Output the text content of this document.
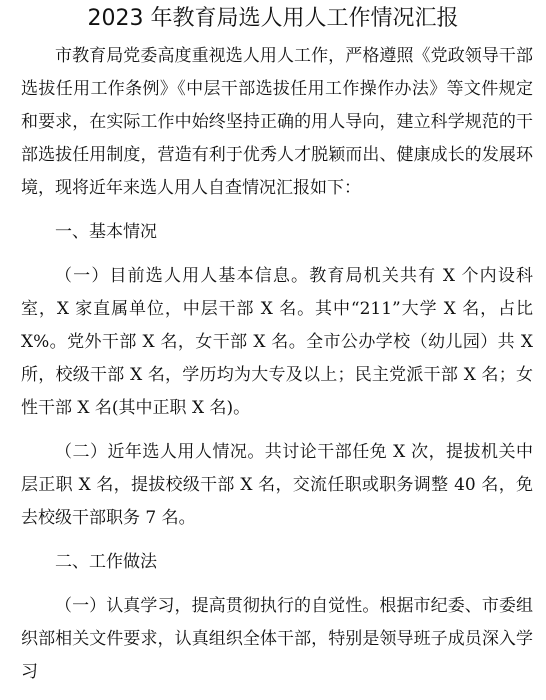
2023 年教育局选人用人工作情况汇报

市教育局党委高度重视选人用人工作，严格遵照《党政领导干部选拔任用工作条例》《中层干部选拔任用工作操作办法》等文件规定和要求，在实际工作中始终坚持正确的用人导向，建立科学规范的干部选拔任用制度，营造有利于优秀人才脱颖而出、健康成长的发展环境，现将近年来选人用人自查情况汇报如下：

一、基本情况

（一）目前选人用人基本信息。教育局机关共有 X 个内设科室，X 家直属单位，中层干部 X 名。其中“211”大学 X 名，占比 X%。党外干部 X 名，女干部 X 名。全市公办学校（幼儿园）共 X 所，校级干部 X 名，学历均为大专及以上；民主党派干部 X 名；女性干部 X 名(其中正职 X 名)。

（二）近年选人用人情况。共讨论干部任免 X 次，提拔机关中层正职 X 名，提拔校级干部 X 名，交流任职或职务调整 40 名，免去校级干部职务 7 名。

二、工作做法

（一）认真学习，提高贯彻执行的自觉性。根据市纪委、市委组织部相关文件要求，认真组织全体干部，特别是领导班子成员深入学习
